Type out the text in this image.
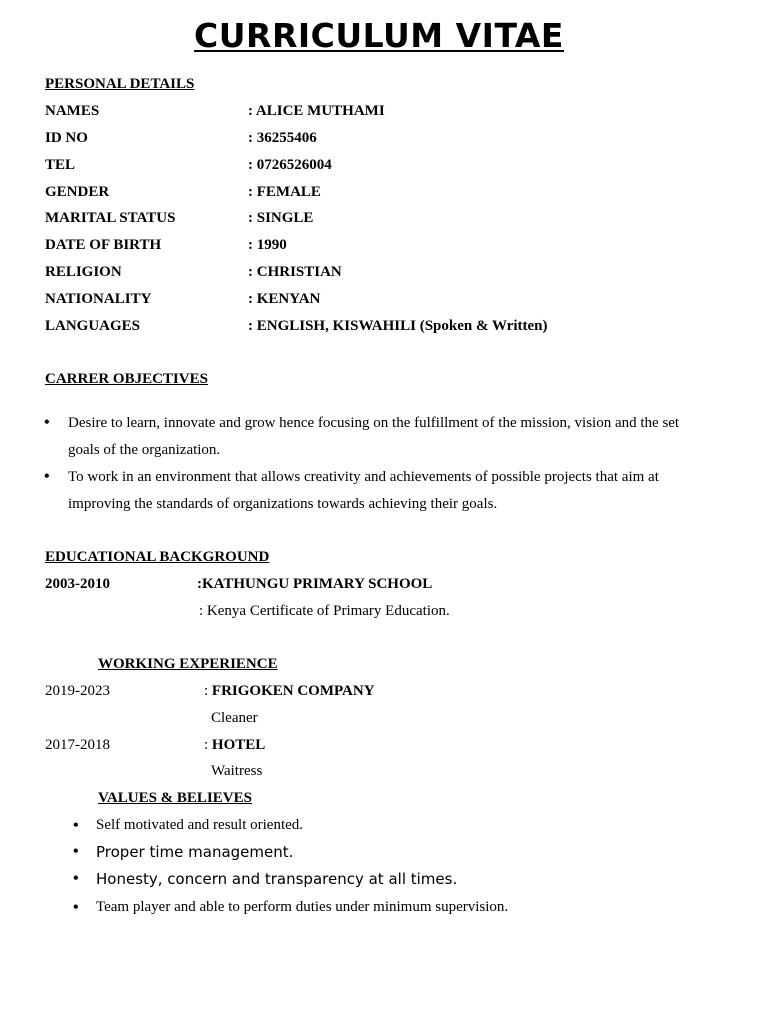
CURRICULUM VITAE
PERSONAL DETAILS
NAMES	: ALICE MUTHAMI
ID NO	: 36255406
TEL	: 0726526004
GENDER	: FEMALE
MARITAL STATUS	: SINGLE
DATE OF BIRTH	: 1990
RELIGION	: CHRISTIAN
NATIONALITY	: KENYAN
LANGUAGES	: ENGLISH, KISWAHILI (Spoken & Written)
CARRER OBJECTIVES
• Desire to learn, innovate and grow hence focusing on the fulfillment of the mission, vision and the set goals of the organization.
• To work in an environment that allows creativity and achievements of possible projects that aim at improving the standards of organizations towards achieving their goals.
EDUCATIONAL BACKGROUND
2003-2010	:KATHUNGU PRIMARY SCHOOL
: Kenya Certificate of Primary Education.
WORKING EXPERIENCE
2019-2023	: FRIGOKEN COMPANY
Cleaner
2017-2018	: HOTEL
Waitress
VALUES & BELIEVES
• Self motivated and result oriented.
• Proper time management.
• Honesty, concern and transparency at all times.
• Team player and able to perform duties under minimum supervision.
